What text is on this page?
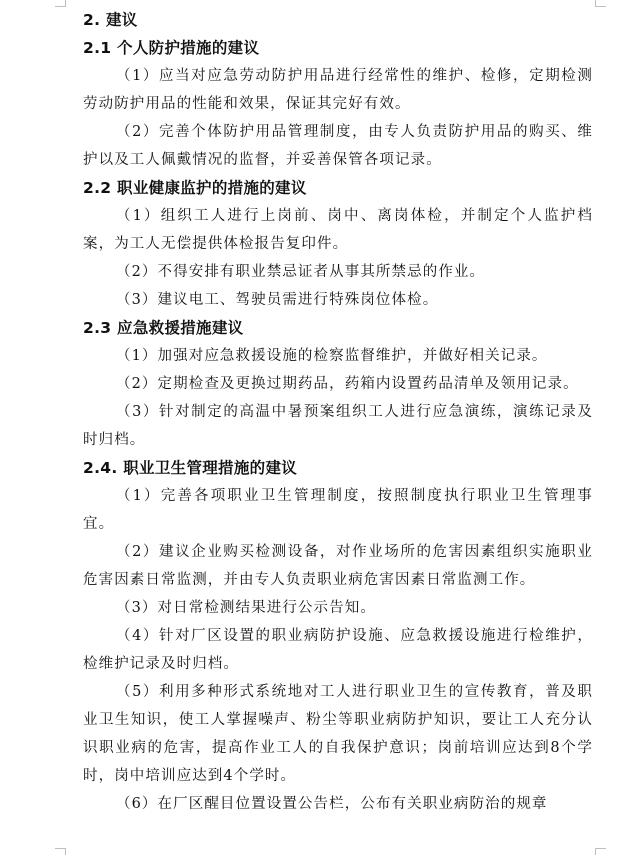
2. 建议
2.1 个人防护措施的建议
（1）应当对应急劳动防护用品进行经常性的维护、检修，定期检测劳动防护用品的性能和效果，保证其完好有效。
（2）完善个体防护用品管理制度，由专人负责防护用品的购买、维护以及工人佩戴情况的监督，并妥善保管各项记录。
2.2 职业健康监护的措施的建议
（1）组织工人进行上岗前、岗中、离岗体检，并制定个人监护档案，为工人无偿提供体检报告复印件。
（2）不得安排有职业禁忌证者从事其所禁忌的作业。
（3）建议电工、驾驶员需进行特殊岗位体检。
2.3 应急救援措施建议
（1）加强对应急救援设施的检察监督维护，并做好相关记录。
（2）定期检查及更换过期药品，药箱内设置药品清单及领用记录。
（3）针对制定的高温中暑预案组织工人进行应急演练，演练记录及时归档。
2.4. 职业卫生管理措施的建议
（1）完善各项职业卫生管理制度，按照制度执行职业卫生管理事宜。
（2）建议企业购买检测设备，对作业场所的危害因素组织实施职业危害因素日常监测，并由专人负责职业病危害因素日常监测工作。
（3）对日常检测结果进行公示告知。
（4）针对厂区设置的职业病防护设施、应急救援设施进行检维护，检维护记录及时归档。
（5）利用多种形式系统地对工人进行职业卫生的宣传教育，普及职业卫生知识，使工人掌握噪声、粉尘等职业病防护知识，要让工人充分认识职业病的危害，提高作业工人的自我保护意识；岗前培训应达到8个学时，岗中培训应达到4个学时。
（6）在厂区醒目位置设置公告栏，公布有关职业病防治的规章
